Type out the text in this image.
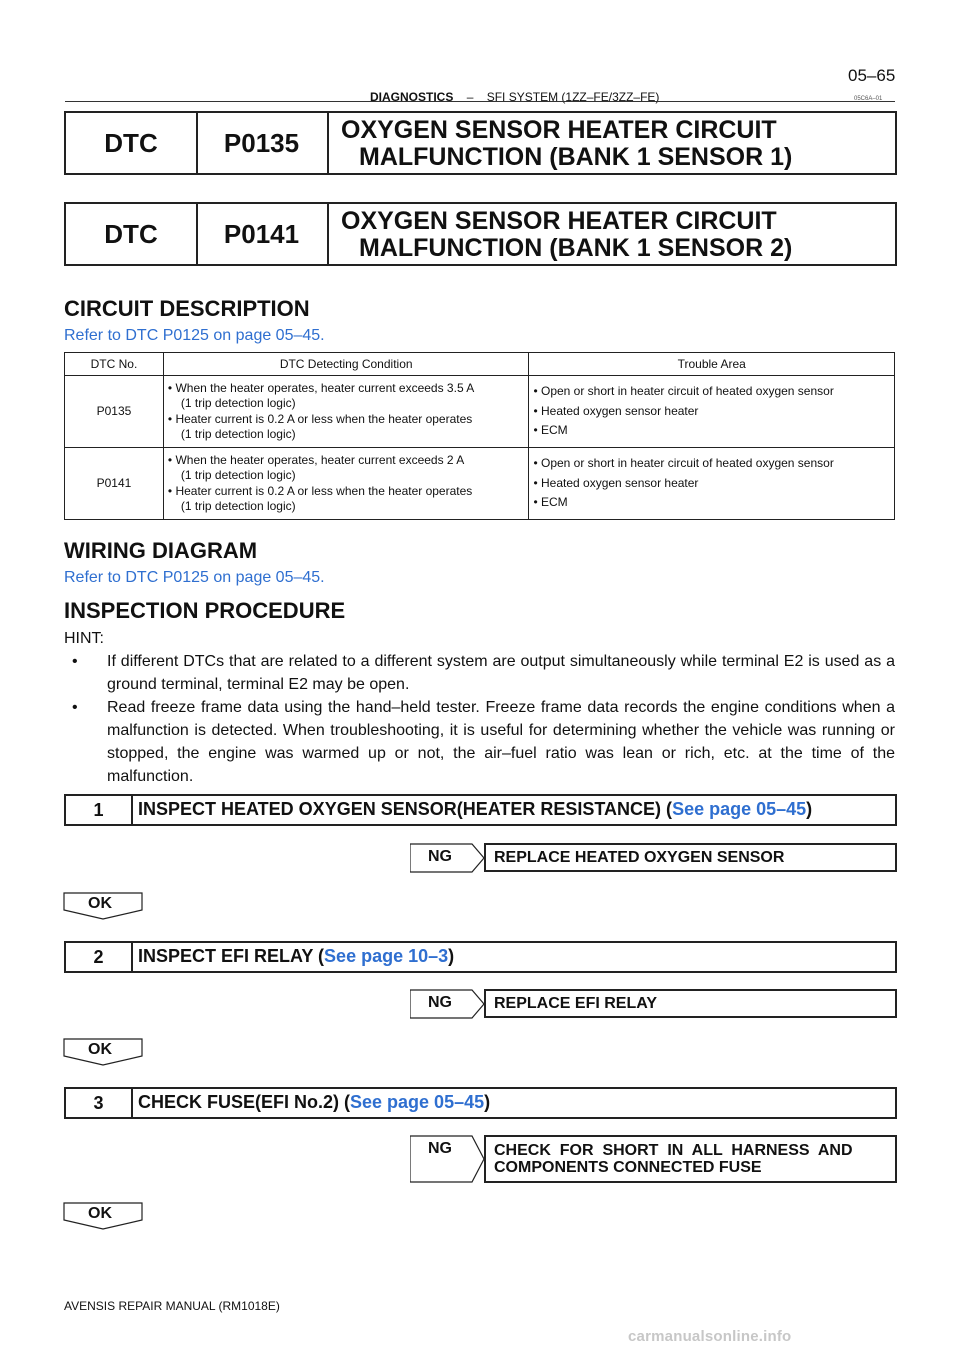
DIAGNOSTICS – SFI SYSTEM (1ZZ–FE/3ZZ–FE)
05–65
05C6A–01
DTC	P0135	OXYGEN SENSOR HEATER CIRCUIT
MALFUNCTION (BANK 1 SENSOR 1)
DTC	P0141	OXYGEN SENSOR HEATER CIRCUIT
MALFUNCTION (BANK 1 SENSOR 2)
CIRCUIT DESCRIPTION
Refer to DTC P0125 on page 05–45.
DTC No.	DTC Detecting Condition	Trouble Area
P0135	• When the heater operates, heater current exceeds 3.5 A

(1 trip detection logic)
• Heater current is 0.2 A or less when the heater operates

(1 trip detection logic)	• Open or short in heater circuit of heated oxygen sensor
• Heated oxygen sensor heater
• ECM
P0141	• When the heater operates, heater current exceeds 2 A

(1 trip detection logic)
• Heater current is 0.2 A or less when the heater operates

(1 trip detection logic)	• Open or short in heater circuit of heated oxygen sensor
• Heated oxygen sensor heater
• ECM
WIRING DIAGRAM
Refer to DTC P0125 on page 05–45.
INSPECTION PROCEDURE
HINT:
• If different DTCs that are related to a different system are output simultaneously while terminal E2 is used as a ground terminal, terminal E2 may be open.
• Read freeze frame data using the hand–held tester. Freeze frame data records the engine conditions when a malfunction is detected. When troubleshooting, it is useful for determining whether the vehicle was running or stopped, the engine was warmed up or not, the air–fuel ratio was lean or rich, etc. at the time of the malfunction.
1	INSPECT HEATED OXYGEN SENSOR(HEATER RESISTANCE) (See page 05–45)
NG	REPLACE HEATED OXYGEN SENSOR
OK
2	INSPECT EFI RELAY (See page 10–3)
NG	REPLACE EFI RELAY
OK
3	CHECK FUSE(EFI No.2) (See page 05–45)
NG	CHECK  FOR  SHORT  IN  ALL  HARNESS  AND
COMPONENTS CONNECTED FUSE
OK
AVENSIS REPAIR MANUAL (RM1018E)
carmanualsonline.info
